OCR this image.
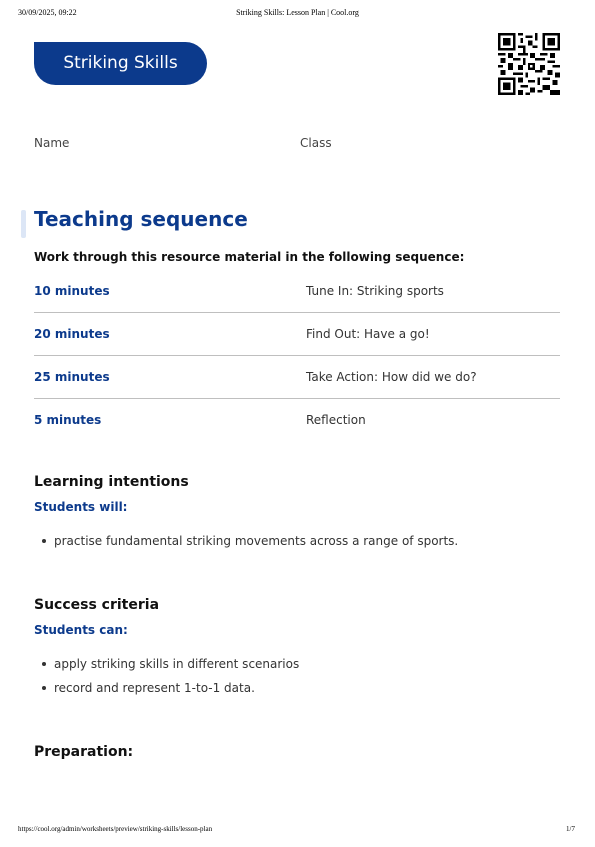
30/09/2025, 09:22	Striking Skills: Lesson Plan | Cool.org
Striking Skills
Name	Class
Teaching sequence

Work through this resource material in the following sequence:

10 minutes	Tune In: Striking sports
20 minutes	Find Out: Have a go!
25 minutes	Take Action: How did we do?
5 minutes	Reflection
Learning intentions
Students will:
practise fundamental striking movements across a range of sports.
Success criteria
Students can:
apply striking skills in different scenarios
record and represent 1-to-1 data.
Preparation:
https://cool.org/admin/worksheets/preview/striking-skills/lesson-plan	1/7
